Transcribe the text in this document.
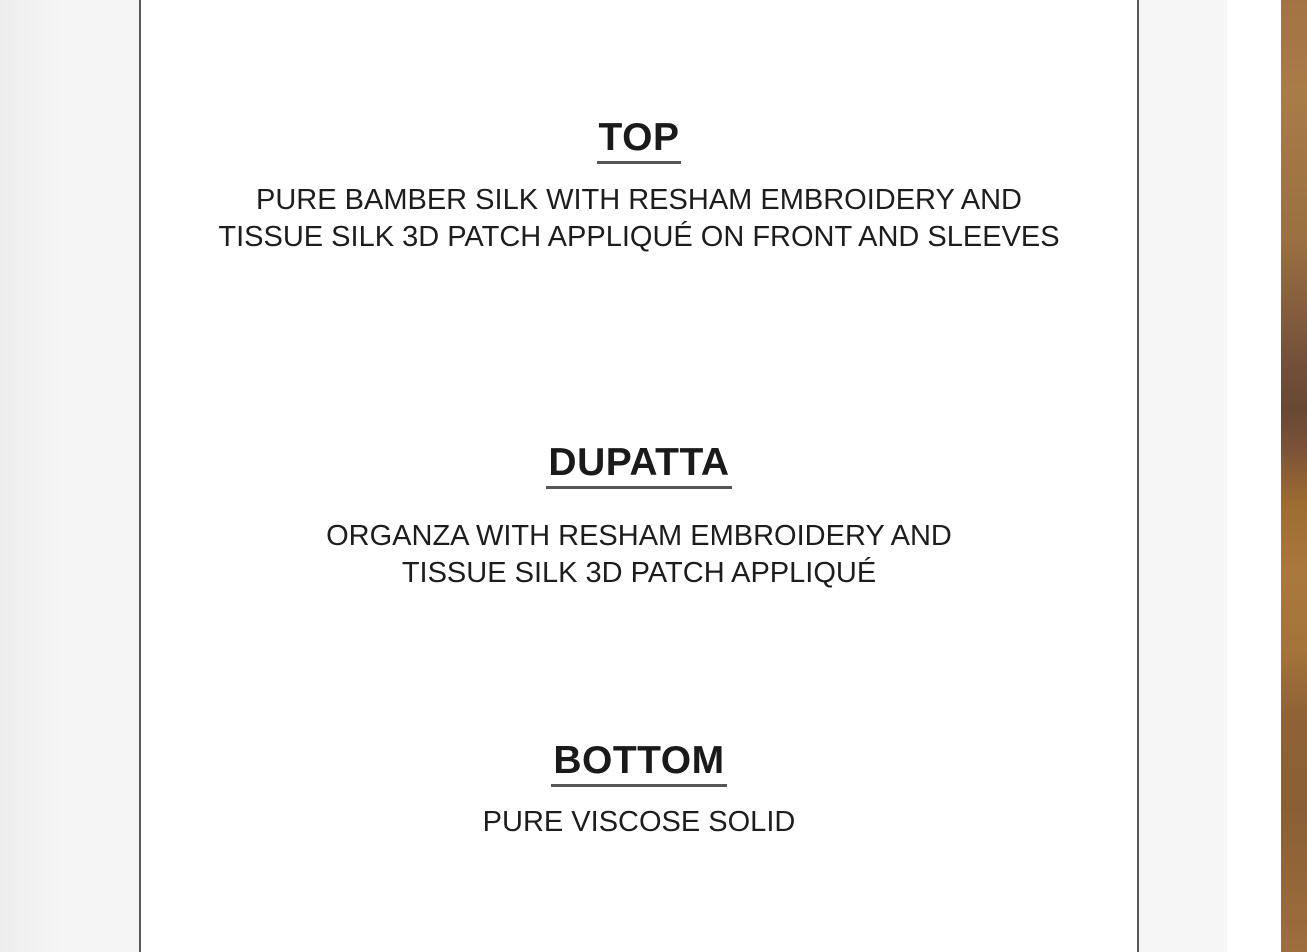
TOP

PURE BAMBER SILK WITH RESHAM EMBROIDERY AND
TISSUE SILK 3D PATCH APPLIQUÉ ON FRONT AND SLEEVES

DUPATTA

ORGANZA WITH RESHAM EMBROIDERY AND
TISSUE SILK 3D PATCH APPLIQUÉ

BOTTOM

PURE VISCOSE SOLID
